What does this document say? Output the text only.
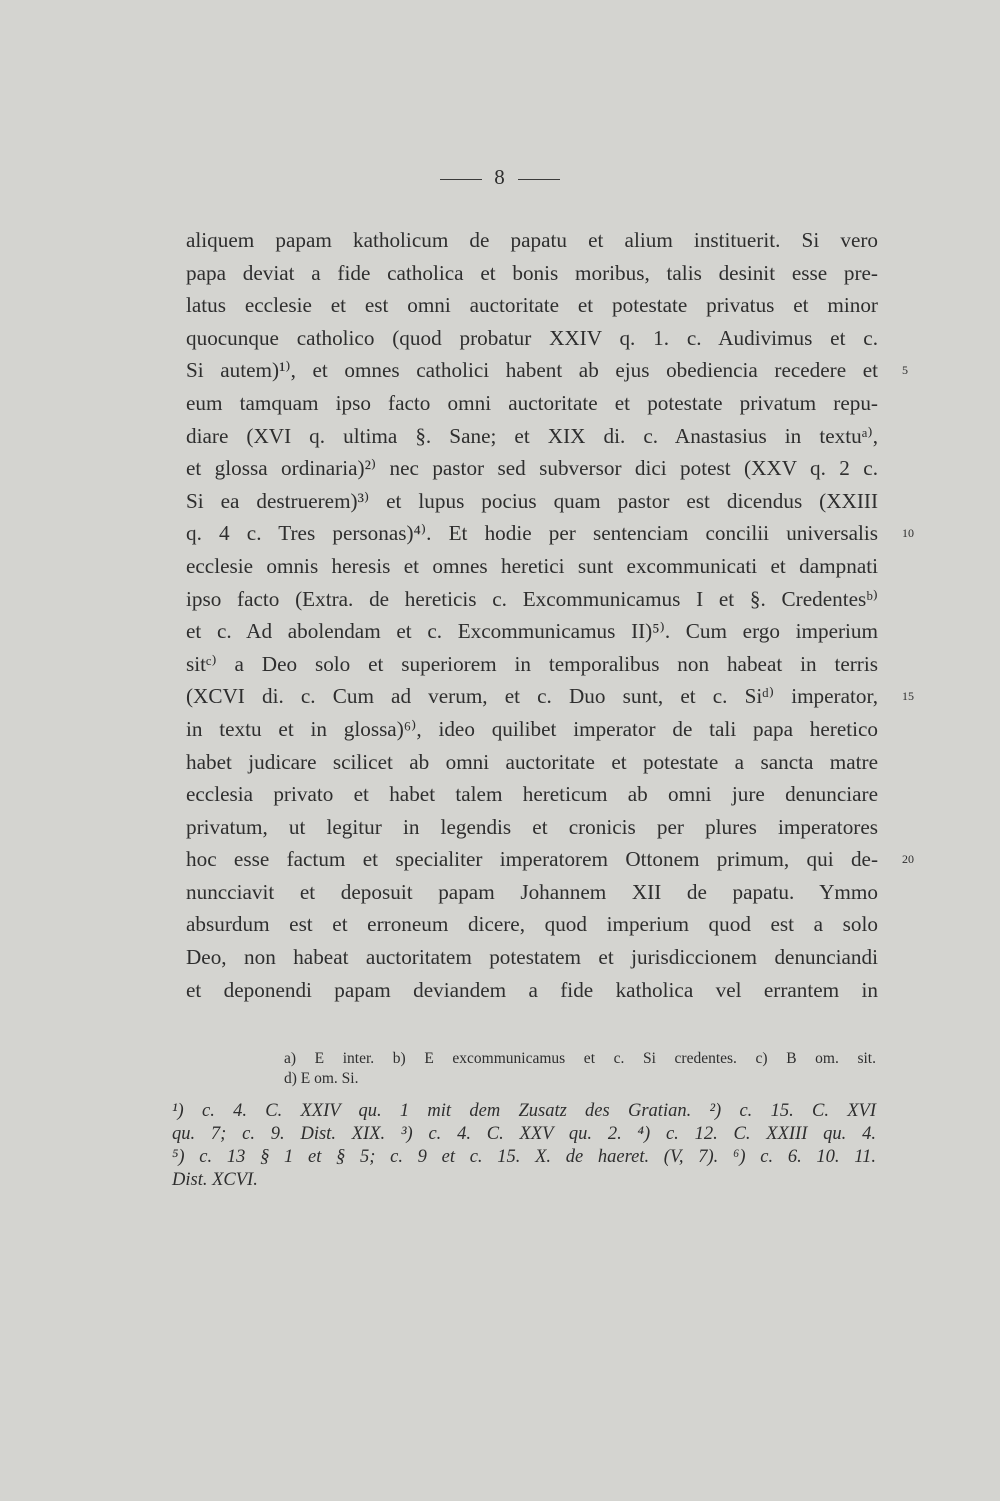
8
aliquem papam katholicum de papatu et alium instituerit. Si vero
papa deviat a fide catholica et bonis moribus, talis desinit esse pre-
latus ecclesie et est omni auctoritate et potestate privatus et minor
quocunque catholico (quod probatur XXIV q. 1. c. Audivimus et c.
Si autem)¹⁾, et omnes catholici habent ab ejus obediencia recedere et 5
eum tamquam ipso facto omni auctoritate et potestate privatum repu-
diare (XVI q. ultima §. Sane; et XIX di. c. Anastasius in textuᵃ⁾,
et glossa ordinaria)²⁾ nec pastor sed subversor dici potest (XXV q. 2 c.
Si ea destruerem)³⁾ et lupus pocius quam pastor est dicendus (XXIII
q. 4 c. Tres personas)⁴⁾. Et hodie per sentenciam concilii universalis 10
ecclesie omnis heresis et omnes heretici sunt excommunicati et dampnati
ipso facto (Extra. de hereticis c. Excommunicamus I et §. Credentesᵇ⁾
et c. Ad abolendam et c. Excommunicamus II)⁵⁾. Cum ergo imperium
sitᶜ⁾ a Deo solo et superiorem in temporalibus non habeat in terris
(XCVI di. c. Cum ad verum, et c. Duo sunt, et c. Siᵈ⁾ imperator, 15
in textu et in glossa)⁶⁾, ideo quilibet imperator de tali papa heretico
habet judicare scilicet ab omni auctoritate et potestate a sancta matre
ecclesia privato et habet talem hereticum ab omni jure denunciare
privatum, ut legitur in legendis et cronicis per plures imperatores
hoc esse factum et specialiter imperatorem Ottonem primum, qui de- 20
nuncciavit et deposuit papam Johannem XII de papatu. Ymmo
absurdum est et erroneum dicere, quod imperium quod est a solo
Deo, non habeat auctoritatem potestatem et jurisdiccionem denunciandi
et deponendi papam deviandem a fide katholica vel errantem in
a) E inter. b) E excommunicamus et c. Si credentes. c) B om. sit.
d) E om. Si.
¹) c. 4. C. XXIV qu. 1 mit dem Zusatz des Gratian. ²) c. 15. C. XVI
qu. 7; c. 9. Dist. XIX. ³) c. 4. C. XXV qu. 2. ⁴) c. 12. C. XXIII qu. 4.
⁵) c. 13 § 1 et § 5; c. 9 et c. 15. X. de haeret. (V, 7). ⁶) c. 6. 10. 11.
Dist. XCVI.
